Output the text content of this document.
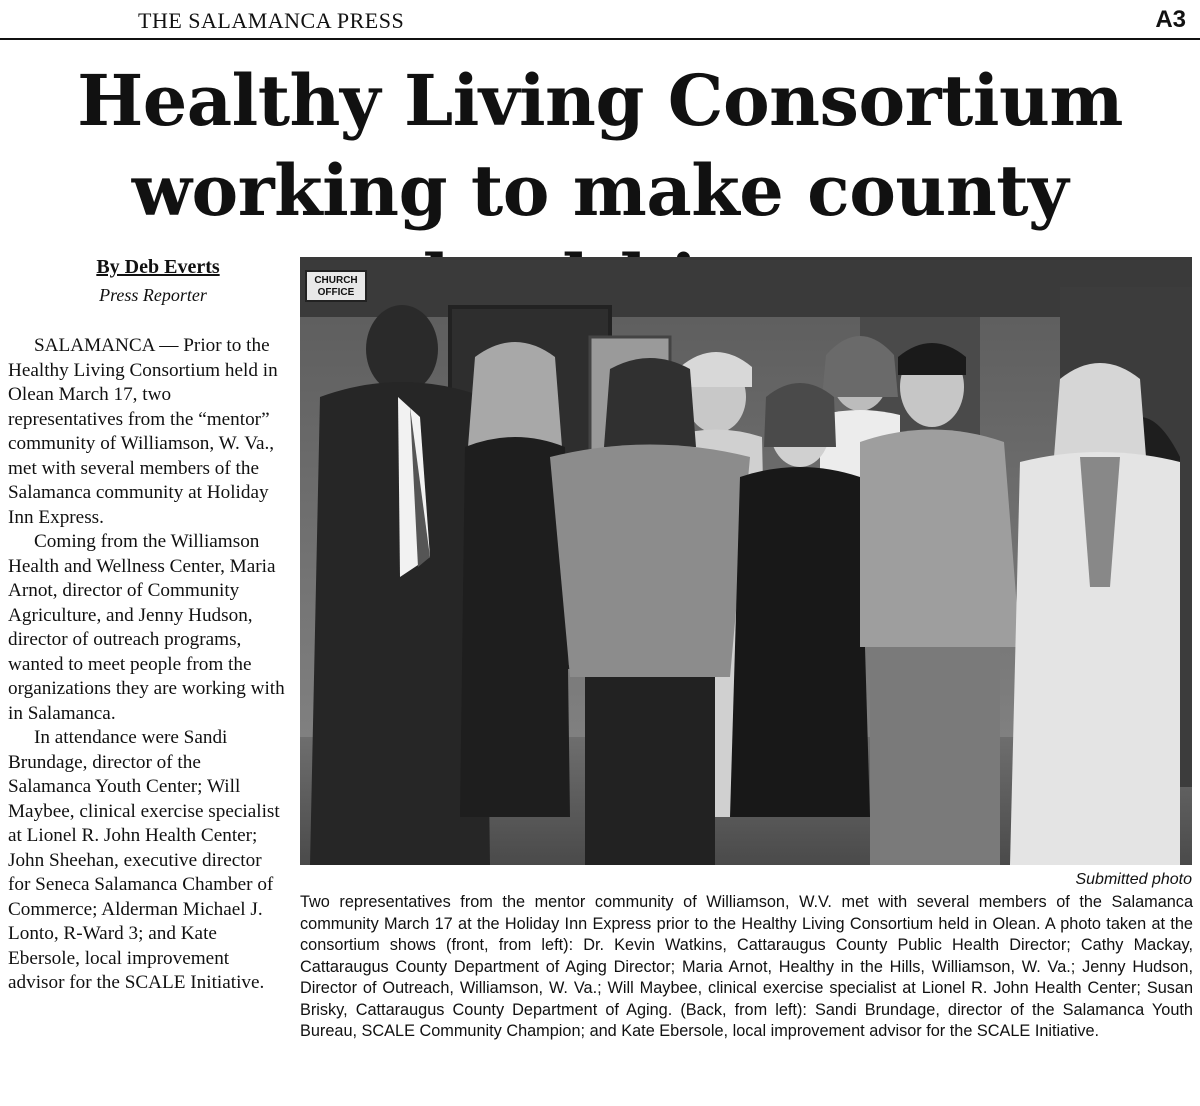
THE SALAMANCA PRESS	A3
Healthy Living Consortium
working to make county
By Deb Everts
Press Reporter

SALAMANCA — Prior to the Healthy Living Consortium held in Olean March 17, two representatives from the “mentor” community of Williamson, W. Va., met with several members of the Salamanca community at Holiday Inn Express.

Coming from the Williamson Health and Wellness Center, Maria Arnot, director of Community Agriculture, and Jenny Hudson, director of outreach programs, wanted to meet people from the organizations they are working with in Salamanca.

In attendance were Sandi Brundage, director of the Salamanca Youth Center; Will Maybee, clinical exercise specialist at Lionel R. John Health Center; John Sheehan, executive director for Seneca Salamanca Chamber of Commerce; Alderman Michael J. Lonto, R-Ward 3; and Kate Ebersole, local improvement advisor for the SCALE Initiative.

CHURCH
OFFICE
Submitted photo

Two representatives from the mentor community of Williamson, W.V. met with several members of the Salamanca community March 17 at the Holiday Inn Express prior to the Healthy Living Consortium held in Olean. A photo taken at the consortium shows (front, from left): Dr. Kevin Watkins, Cattaraugus County Public Health Director; Cathy Mackay, Cattaraugus County Department of Aging Director; Maria Arnot, Healthy in the Hills, Williamson, W. Va.; Jenny Hudson, Director of Outreach, Williamson, W. Va.; Will Maybee, clinical exercise specialist at Lionel R. John Health Center; Susan Brisky, Cattaraugus County Department of Aging. (Back, from left): Sandi Brundage, director of the Salamanca Youth Bureau, SCALE Community Champion; and Kate Ebersole, local improvement advisor for the SCALE Initiative.
